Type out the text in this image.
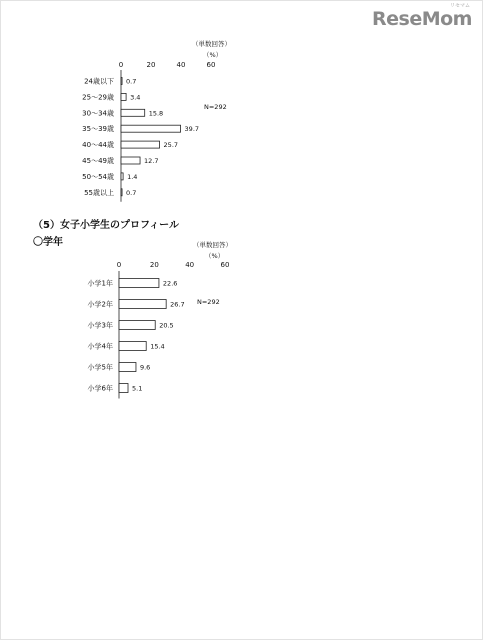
ReseMom
リセマム
（単数回答）
（%）
0	20	40	60
24歳以下 0.7
25～29歳 3.4
30～34歳	15.8
35～39歳	39.7
40～44歳	25.7
45～49歳	12.7
50～54歳 1.4
55歳以上 0.7
N=292
（5）女子小学生のプロフィール
〇学年	（単数回答）
（%）
0	20	40	60
小学1年	22.6
小学2年	26.7
小学3年	20.5
小学4年	15.4
小学5年	9.6
小学6年	5.1
N=292
